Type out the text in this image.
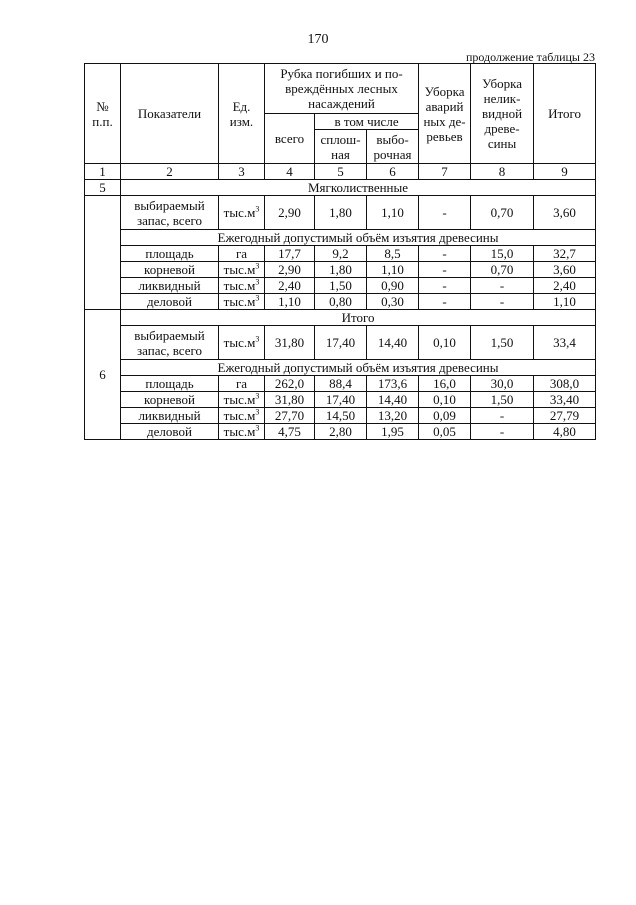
170
продолжение таблицы 23
№ п.п.	Показатели	Ед. изм.	Рубка погибших и по-вреждённых лесных насаждений			Уборка аварий ных де-ревьев	Уборка нелик-видной древе-сины	Итого
			всего	в том числе				
				сплош-ная	выбо-рочная			
1	2	3	4	5	6	7	8	9
5	Мягколиственные							
	выбираемый запас, всего	$тыс.м^3$	2,90	1,80	1,10	-	0,70	3,60
	Ежегодный допустимый объём изъятия древесины							
	площадь	га	17,7	9,2	8,5	-	15,0	32,7
	корневой	$тыс.м^3$	2,90	1,80	1,10	-	0,70	3,60
	ликвидный	$тыс.м^3$	2,40	1,50	0,90	-	-	2,40
	деловой	$тыс.м^3$	1,10	0,80	0,30	-	-	1,10
6	Итого							
	выбираемый запас, всего	$тыс.м^3$	31,80	17,40	14,40	0,10	1,50	33,4
	Ежегодный допустимый объём изъятия древесины							
	площадь	га	262,0	88,4	173,6	16,0	30,0	308,0
	корневой	$тыс.м^3$	31,80	17,40	14,40	0,10	1,50	33,40
	ликвидный	$тыс.м^3$	27,70	14,50	13,20	0,09	-	27,79
	деловой	$тыс.м^3$	4,75	2,80	1,95	0,05	-	4,80
